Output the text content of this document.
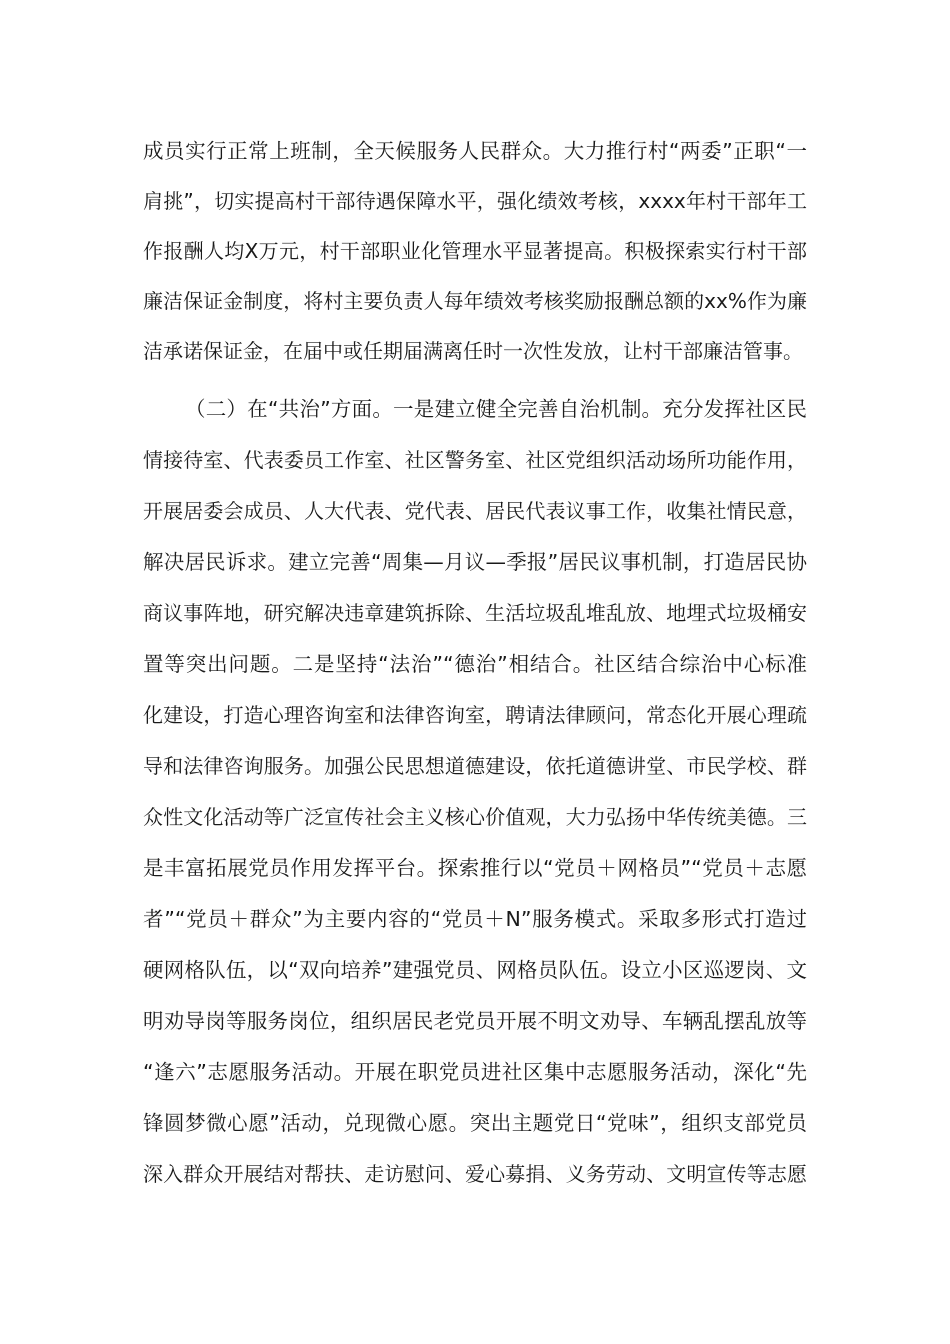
成员实行正常上班制，全天候服务人民群众。大力推行村“两委”正职“一
肩挑”，切实提高村干部待遇保障水平，强化绩效考核，xxxx年村干部年工
作报酬人均X万元，村干部职业化管理水平显著提高。积极探索实行村干部
廉洁保证金制度，将村主要负责人每年绩效考核奖励报酬总额的xx%作为廉
洁承诺保证金，在届中或任期届满离任时一次性发放，让村干部廉洁管事。
（二）在“共治”方面。一是建立健全完善自治机制。充分发挥社区民
情接待室、代表委员工作室、社区警务室、社区党组织活动场所功能作用，
开展居委会成员、人大代表、党代表、居民代表议事工作，收集社情民意，
解决居民诉求。建立完善“周集—月议—季报”居民议事机制，打造居民协
商议事阵地，研究解决违章建筑拆除、生活垃圾乱堆乱放、地埋式垃圾桶安
置等突出问题。二是坚持“法治”“德治”相结合。社区结合综治中心标准
化建设，打造心理咨询室和法律咨询室，聘请法律顾问，常态化开展心理疏
导和法律咨询服务。加强公民思想道德建设，依托道德讲堂、市民学校、群
众性文化活动等广泛宣传社会主义核心价值观，大力弘扬中华传统美德。三
是丰富拓展党员作用发挥平台。探索推行以“党员＋网格员”“党员＋志愿
者”“党员＋群众”为主要内容的“党员＋N”服务模式。采取多形式打造过
硬网格队伍，以“双向培养”建强党员、网格员队伍。设立小区巡逻岗、文
明劝导岗等服务岗位，组织居民老党员开展不明文劝导、车辆乱摆乱放等
“逢六”志愿服务活动。开展在职党员进社区集中志愿服务活动，深化“先
锋圆梦微心愿”活动，兑现微心愿。突出主题党日“党味”，组织支部党员
深入群众开展结对帮扶、走访慰问、爱心募捐、义务劳动、文明宣传等志愿
